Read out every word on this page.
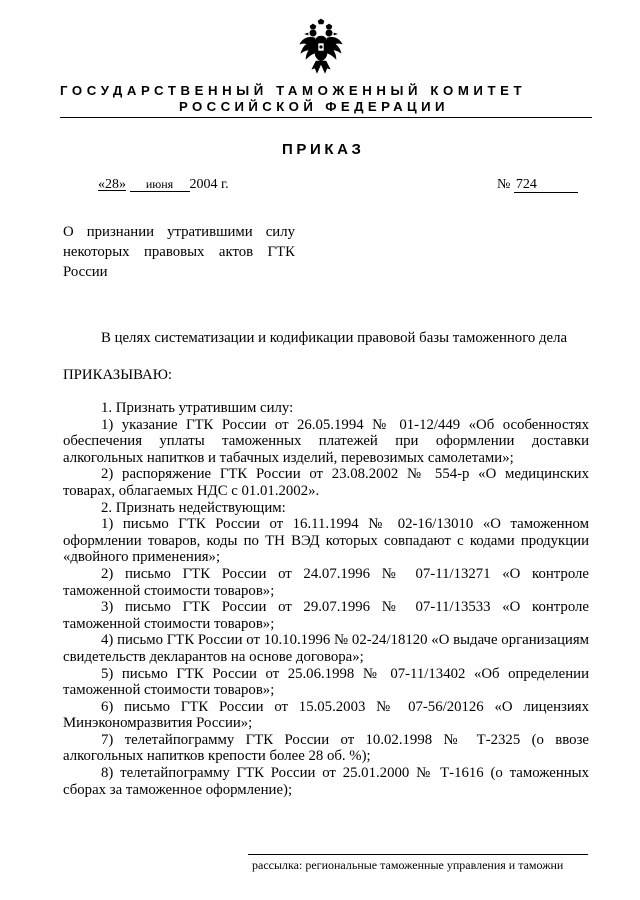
ГОСУДАРСТВЕННЫЙ ТАМОЖЕННЫЙ КОМИТЕТ
РОССИЙСКОЙ ФЕДЕРАЦИИ
ПРИКАЗ
«28» июня 2004 г.	№ 724
О признании утратившими силу некоторых правовых актов ГТК России
В целях систематизации и кодификации правовой базы таможенного дела
ПРИКАЗЫВАЮ:

1. Признать утратившим силу:

1) указание ГТК России от 26.05.1994 № 01-12/449 «Об особенностях обеспечения уплаты таможенных платежей при оформлении доставки алкогольных напитков и табачных изделий, перевозимых самолетами»;

2) распоряжение ГТК России от 23.08.2002 № 554-р «О медицинских товарах, облагаемых НДС с 01.01.2002».

2. Признать недействующим:

1) письмо ГТК России от 16.11.1994 № 02-16/13010 «О таможенном оформлении товаров, коды по ТН ВЭД которых совпадают с кодами продукции «двойного применения»;

2) письмо ГТК России от 24.07.1996 № 07-11/13271 «О контроле таможенной стоимости товаров»;

3) письмо ГТК России от 29.07.1996 № 07-11/13533 «О контроле таможенной стоимости товаров»;

4) письмо ГТК России от 10.10.1996 № 02-24/18120 «О выдаче организациям свидетельств декларантов на основе договора»;

5) письмо ГТК России от 25.06.1998 № 07-11/13402 «Об определении таможенной стоимости товаров»;

6) письмо ГТК России от 15.05.2003 № 07-56/20126 «О лицензиях Минэкономразвития России»;

7) телетайпограмму ГТК России от 10.02.1998 № Т-2325 (о ввозе алкогольных напитков крепости более 28 об. %);

8) телетайпограмму ГТК России от 25.01.2000 № Т-1616 (о таможенных сборах за таможенное оформление);

рассылка: региональные таможенные управления и таможни
